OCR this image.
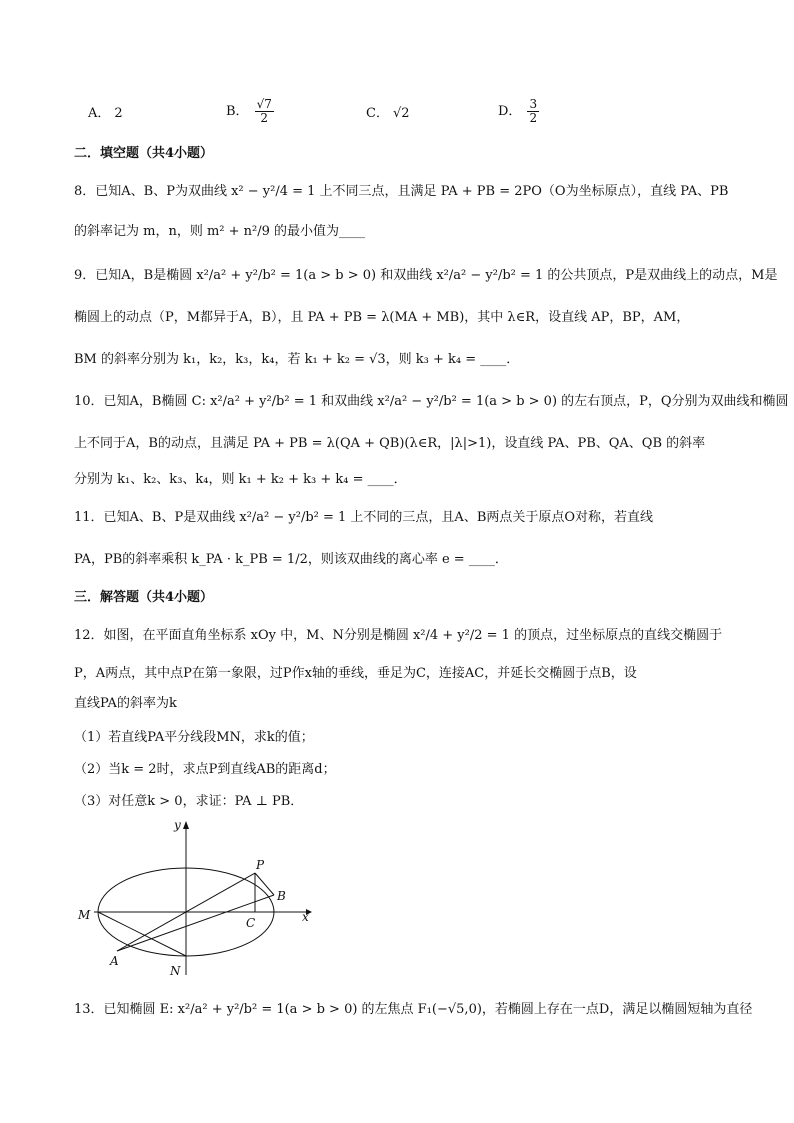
A． 2	B． $\frac{√7}{2}$	C． √2	D． $\frac{3}{2}$
二．填空题（共4小题）
8．已知A、B、P为双曲线 x² − y²/4 = 1 上不同三点，且满足 PA + PB = 2PO（O为坐标原点），直线 PA、PB
的斜率记为 m，n，则 m² + n²/9 的最小值为____
9．已知A，B是椭圆 x²/a² + y²/b² = 1(a > b > 0) 和双曲线 x²/a² − y²/b² = 1 的公共顶点，P是双曲线上的动点，M是
椭圆上的动点（P，M都异于A，B），且 PA + PB = λ(MA + MB)，其中 λ∈R，设直线 AP，BP，AM，
BM 的斜率分别为 k₁，k₂，k₃，k₄，若 k₁ + k₂ = √3，则 k₃ + k₄ = ____．
10．已知A，B椭圆 C: x²/a² + y²/b² = 1 和双曲线 x²/a² − y²/b² = 1(a > b > 0) 的左右顶点，P，Q分别为双曲线和椭圆
上不同于A，B的动点，且满足 PA + PB = λ(QA + QB)(λ∈R，|λ|>1)，设直线 PA、PB、QA、QB 的斜率
分别为 k₁、k₂、k₃、k₄，则 k₁ + k₂ + k₃ + k₄ = ____．
11．已知A、B、P是双曲线 x²/a² − y²/b² = 1 上不同的三点，且A、B两点关于原点O对称，若直线
PA，PB的斜率乘积 k_PA · k_PB = 1/2，则该双曲线的离心率 e = ____．
三．解答题（共4小题）
12．如图，在平面直角坐标系 xOy 中，M、N分别是椭圆 x²/4 + y²/2 = 1 的顶点，过坐标原点的直线交椭圆于
P，A两点，其中点P在第一象限，过P作x轴的垂线，垂足为C，连接AC，并延长交椭圆于点B，设
直线PA的斜率为k
（1）若直线PA平分线段MN，求k的值；
（2）当k = 2时，求点P到直线AB的距离d；
（3）对任意k > 0，求证：PA ⊥ PB．
y
x
P
B
M
C
A
N
13．已知椭圆 E: x²/a² + y²/b² = 1(a > b > 0) 的左焦点 F₁(−√5,0)，若椭圆上存在一点D，满足以椭圆短轴为直径
